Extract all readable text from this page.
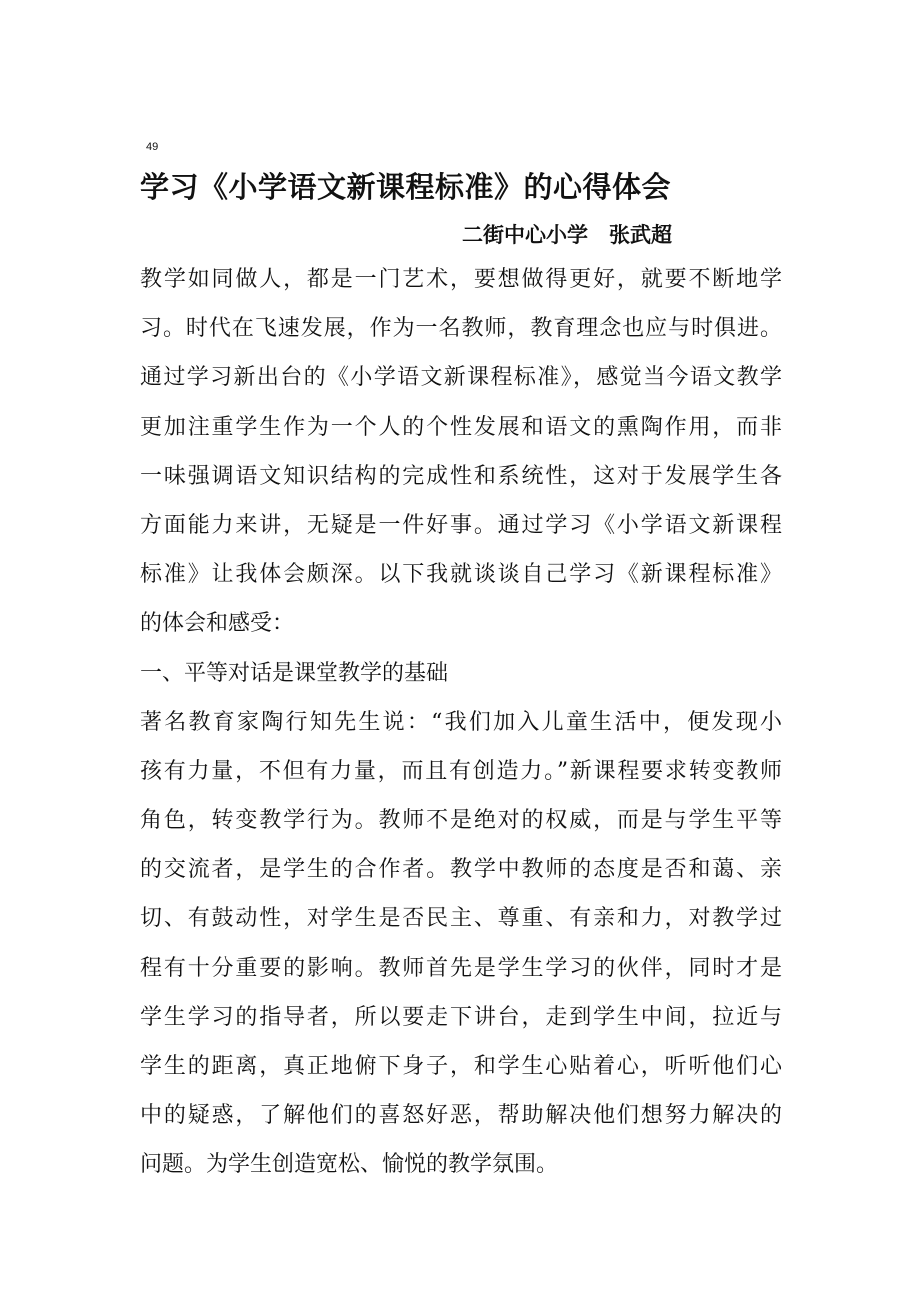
49
学习《小学语文新课程标准》的心得体会
二街中心小学　张武超
教学如同做人，都是一门艺术，要想做得更好，就要不断地学
习。时代在飞速发展，作为一名教师，教育理念也应与时俱进。
通过学习新出台的《小学语文新课程标准》，感觉当今语文教学
更加注重学生作为一个人的个性发展和语文的熏陶作用，而非
一味强调语文知识结构的完成性和系统性，这对于发展学生各
方面能力来讲，无疑是一件好事。通过学习《小学语文新课程
标准》让我体会颇深。以下我就谈谈自己学习《新课程标准》
的体会和感受：
一、平等对话是课堂教学的基础
著名教育家陶行知先生说：“我们加入儿童生活中，便发现小
孩有力量，不但有力量，而且有创造力。”新课程要求转变教师
角色，转变教学行为。教师不是绝对的权威，而是与学生平等
的交流者，是学生的合作者。教学中教师的态度是否和蔼、亲
切、有鼓动性，对学生是否民主、尊重、有亲和力，对教学过
程有十分重要的影响。教师首先是学生学习的伙伴，同时才是
学生学习的指导者，所以要走下讲台，走到学生中间，拉近与
学生的距离，真正地俯下身子，和学生心贴着心，听听他们心
中的疑惑，了解他们的喜怒好恶，帮助解决他们想努力解决的
问题。为学生创造宽松、愉悦的教学氛围。
